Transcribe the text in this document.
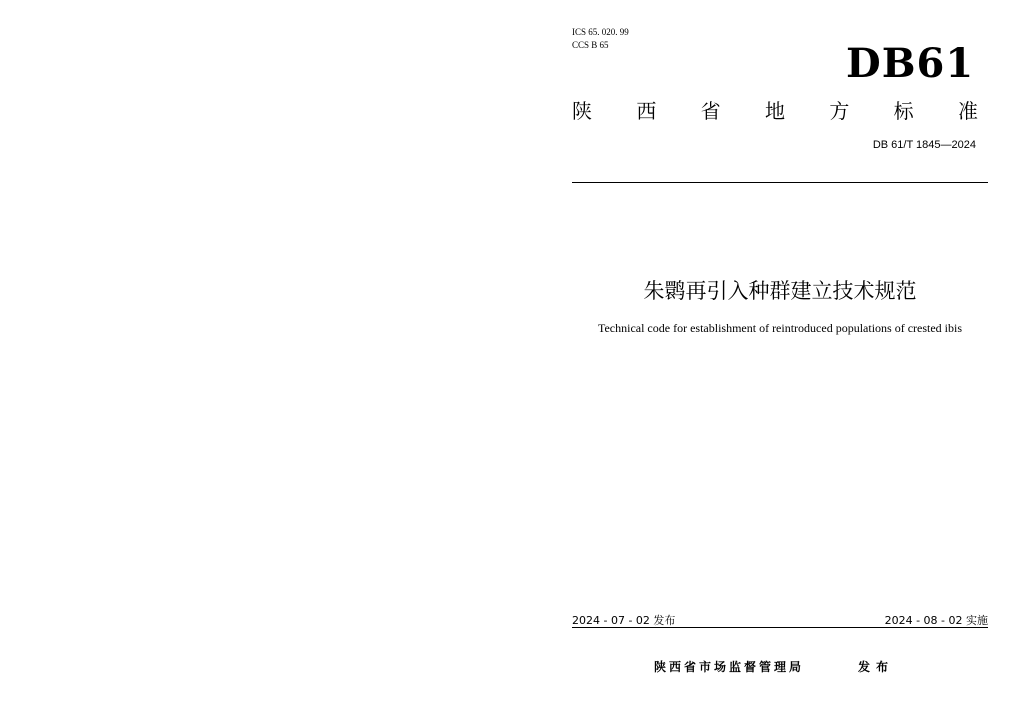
ICS 65. 020. 99
CCS B 65	DB61
陕 西 省 地 方 标 准
DB 61/T 1845—2024
朱鹮再引入种群建立技术规范
Technical code for establishment of reintroduced populations of crested ibis
2024 - 07 - 02 发布	2024 - 08 - 02 实施
陕西省市场监督管理局	发布
